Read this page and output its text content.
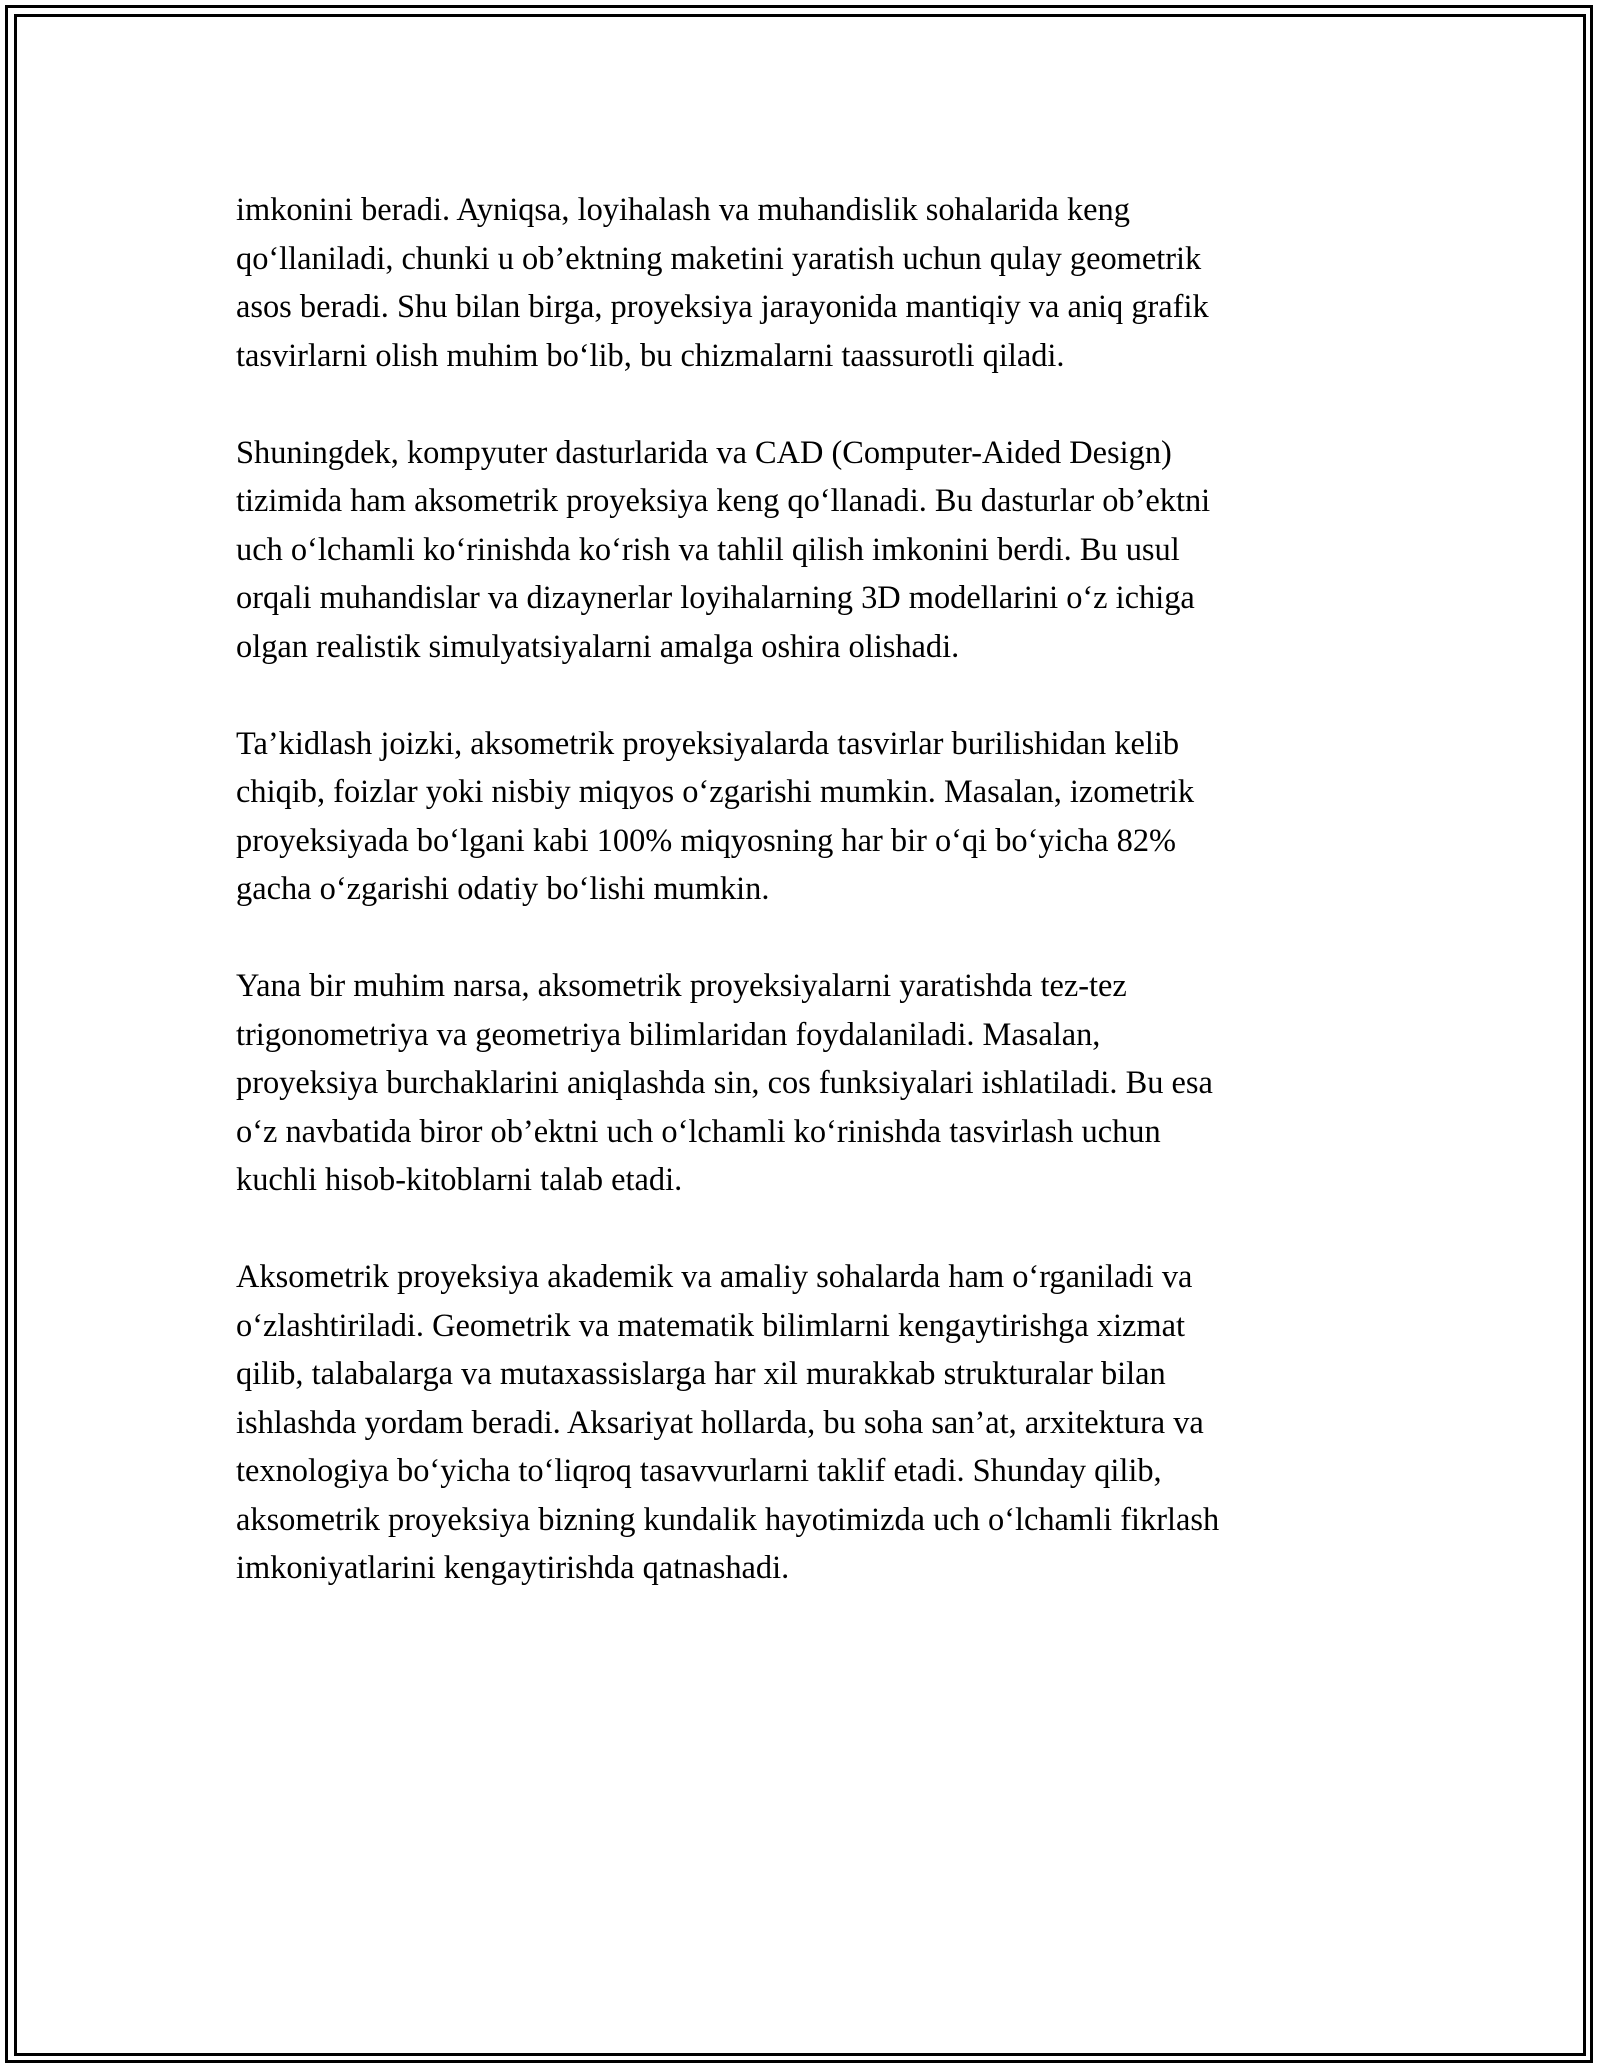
imkonini beradi. Ayniqsa, loyihalash va muhandislik sohalarida keng
qo‘llaniladi, chunki u ob’ektning maketini yaratish uchun qulay geometrik
asos beradi. Shu bilan birga, proyeksiya jarayonida mantiqiy va aniq grafik
tasvirlarni olish muhim bo‘lib, bu chizmalarni taassurotli qiladi.

Shuningdek, kompyuter dasturlarida va CAD (Computer-Aided Design)
tizimida ham aksometrik proyeksiya keng qo‘llanadi. Bu dasturlar ob’ektni
uch o‘lchamli ko‘rinishda ko‘rish va tahlil qilish imkonini berdi. Bu usul
orqali muhandislar va dizaynerlar loyihalarning 3D modellarini o‘z ichiga
olgan realistik simulyatsiyalarni amalga oshira olishadi.

Ta’kidlash joizki, aksometrik proyeksiyalarda tasvirlar burilishidan kelib
chiqib, foizlar yoki nisbiy miqyos o‘zgarishi mumkin. Masalan, izometrik
proyeksiyada bo‘lgani kabi 100% miqyosning har bir o‘qi bo‘yicha 82%
gacha o‘zgarishi odatiy bo‘lishi mumkin.

Yana bir muhim narsa, aksometrik proyeksiyalarni yaratishda tez-tez
trigonometriya va geometriya bilimlaridan foydalaniladi. Masalan,
proyeksiya burchaklarini aniqlashda sin, cos funksiyalari ishlatiladi. Bu esa
o‘z navbatida biror ob’ektni uch o‘lchamli ko‘rinishda tasvirlash uchun
kuchli hisob-kitoblarni talab etadi.

Aksometrik proyeksiya akademik va amaliy sohalarda ham o‘rganiladi va
o‘zlashtiriladi. Geometrik va matematik bilimlarni kengaytirishga xizmat
qilib, talabalarga va mutaxassislarga har xil murakkab strukturalar bilan
ishlashda yordam beradi. Aksariyat hollarda, bu soha san’at, arxitektura va
texnologiya bo‘yicha to‘liqroq tasavvurlarni taklif etadi. Shunday qilib,
aksometrik proyeksiya bizning kundalik hayotimizda uch o‘lchamli fikrlash
imkoniyatlarini kengaytirishda qatnashadi.
